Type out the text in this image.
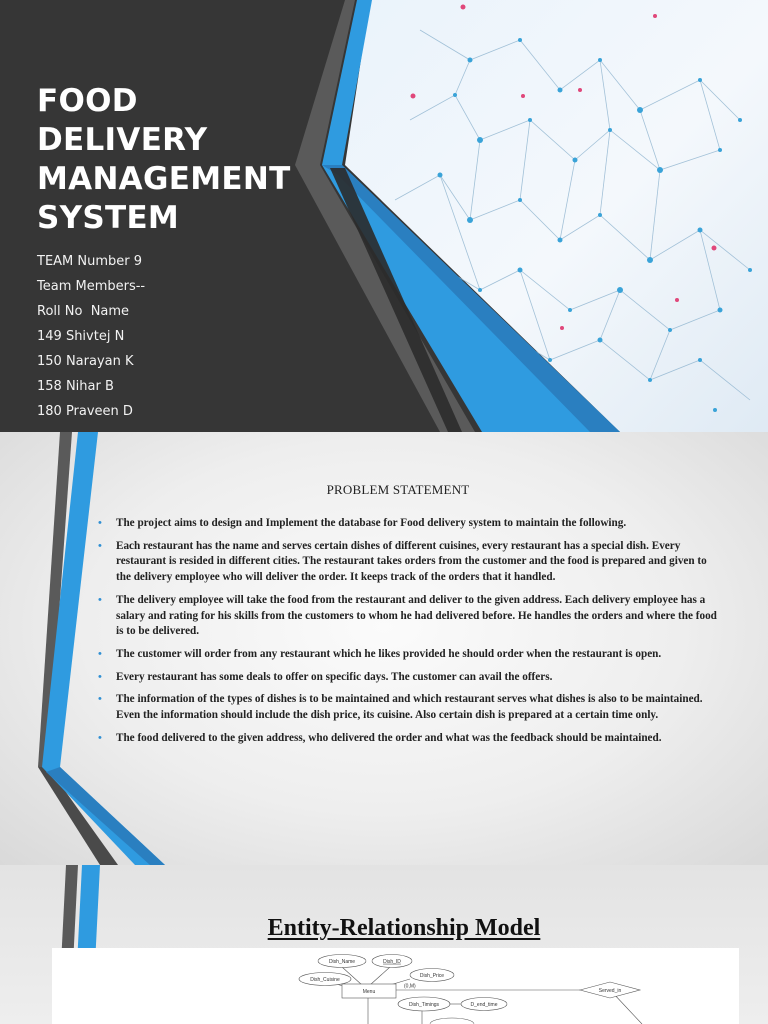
FOOD
DELIVERY
MANAGEMENT
SYSTEM
TEAM Number 9
Team Members--
Roll No  Name
149 Shivtej N
150 Narayan K
158 Nihar B
180 Praveen D
PROBLEM STATEMENT
• The project aims to design and Implement the database for Food delivery system to maintain the following.
• Each restaurant has the name and serves certain dishes of different cuisines, every restaurant has a special dish. Every restaurant is resided in different cities. The restaurant takes orders from the customer and the food is prepared and given to the delivery employee who will deliver the order. It keeps track of the orders that it handled.
• The delivery employee will take the food from the restaurant and deliver to the given address. Each delivery employee has a salary and rating for his skills from the customers to whom he had delivered before. He handles the orders and where the food is to be delivered.
• The customer will order from any restaurant which he likes provided he should order when the restaurant is open.
• Every restaurant has some deals to offer on specific days. The customer can avail the offers.
• The information of the types of dishes is to be maintained and which restaurant serves what dishes is also to be maintained. Even the information should include the dish price, its cuisine. Also certain dish is prepared at a certain time only.
• The food delivered to the given address, who delivered the order and what was the feedback should be maintained.
Entity-Relationship Model
Dish_Name	Dish_ID
Dish_Cuisine
Dish_Price
Menu
(0,M)
Dish_Timings	D_end_time
Served_in
